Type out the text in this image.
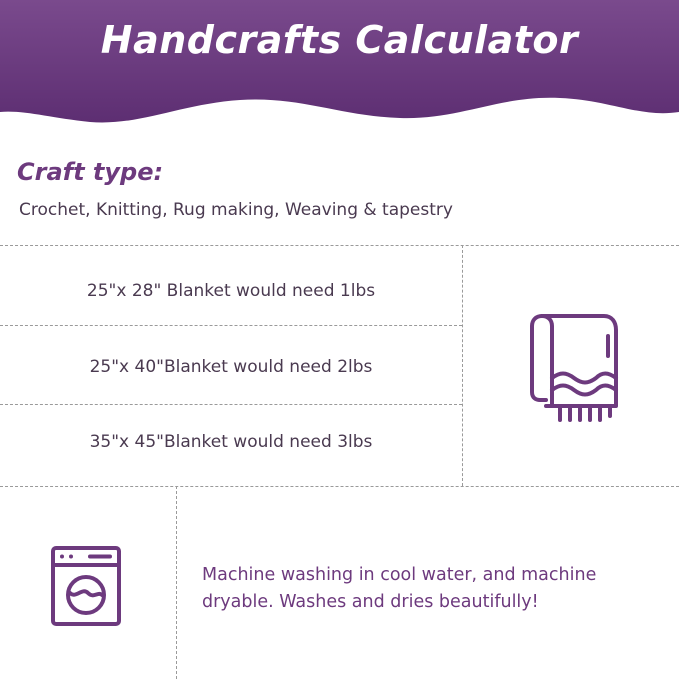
Handcrafts Calculator
Craft type:
Crochet, Knitting, Rug making, Weaving & tapestry
25"x 28" Blanket would need 1lbs
25"x 40"Blanket would need 2lbs
35"x 45"Blanket would need 3lbs
Machine washing in cool water, and machine dryable. Washes and dries beautifully!
